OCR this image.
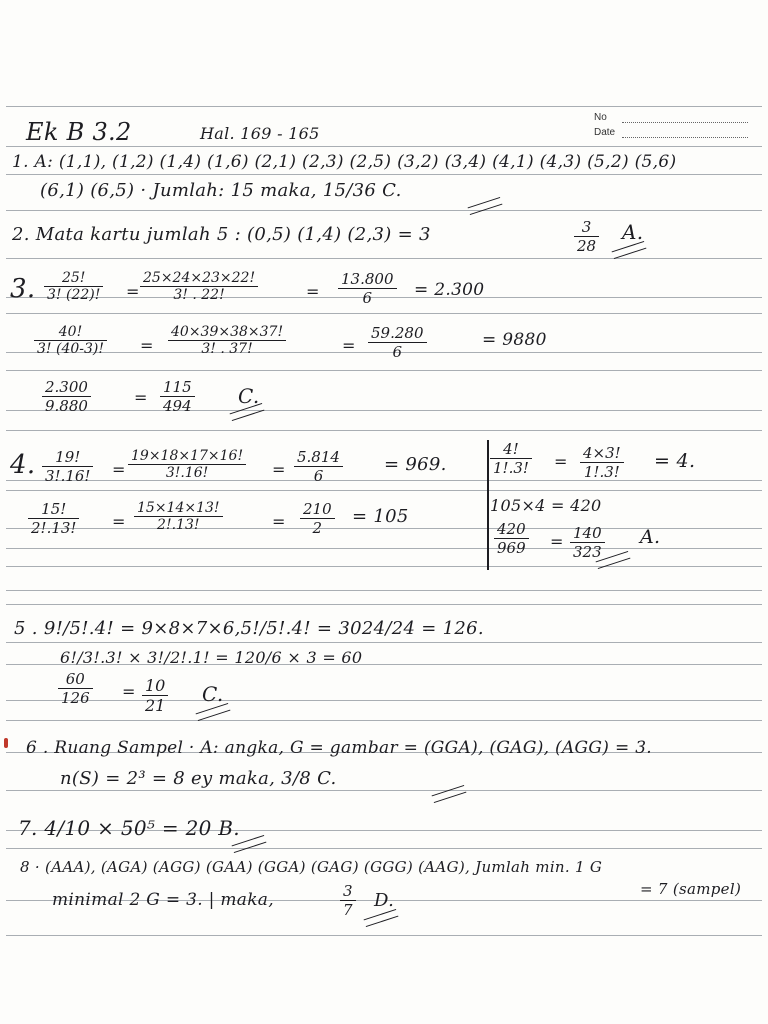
No
Date
Ek B 3.2	Hal. 169 - 165
1. A: (1,1), (1,2) (1,4) (1,6) (2,1) (2,3) (2,5) (3,2) (3,4) (4,1) (4,3) (5,2) (5,6)
(6,1) (6,5) · Jumlah: 15 maka, 15/36 C.
2. Mata kartu jumlah 5 : (0,5) (1,4) (2,3) = 3	$\frac{3}{28} A$.
3. $\frac{25!}{3! (22)!} = \frac{25\times 24\times 23\times 22!}{3! . 22!}$	= $\frac{13.800}{6} = 2.300$
$\frac{40!}{3! (40-3)!} = \frac{40\times 39\times 38\times 37!}{3! . 37!}$	= $\frac{59.280}{6}$	= 9880
$\frac{2.300}{9.880}$	= $\frac{115}{494} C$.
4. $\frac{19!}{3!.16!} = \frac{19\times 18\times 17\times 16!}{3!.16!} = \frac{5.814}{6} = 969$.
$\frac{15!}{2!.13!} = \frac{15\times 14\times 13!}{2!.13!}$	= $\frac{210}{2} = 105$
$\frac{4!}{1!.3!} = \frac{4\times 3!}{1!.3!} = 4$.
105×4 = 420
$\frac{420}{969} = \frac{140}{323} A$.
5 . 9!/5!.4! = 9×8×7×6,5!/5!.4! = 3024/24 = 126.
6!/3!.3! × 3!/2!.1! = 120/6 × 3 = 60
$\frac{60}{126} = \frac{10}{21} C$.
6 . Ruang Sampel · A: angka, G = gambar = (GGA), (GAG), (AGG) = 3.
n(S) = 2³ = 8 ey maka, 3/8 C.
7. 4/10 × 50⁵ = 20 B.
8 · (AAA), (AGA) (AGG) (GAA) (GGA) (GAG) (GGG) (AAG), Jumlah min. 1 G
= 7 (sampel)
minimal 2 G = 3. | maka,	$\frac{3}{7} D$.
